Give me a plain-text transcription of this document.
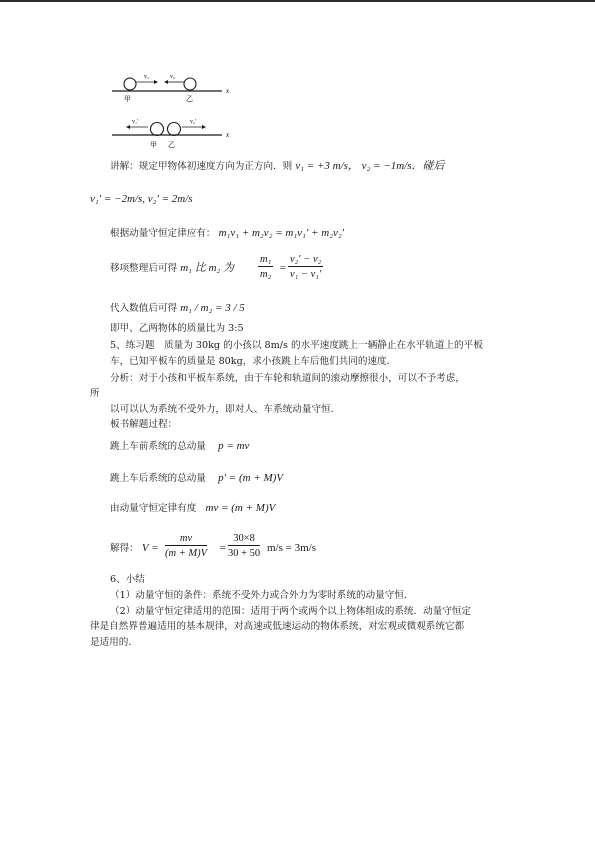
v₁	v₂
甲	乙
x
v₁′	v₂′
甲 乙
x
讲解：规定甲物体初速度方向为正方向．则 v₁ = +3 m/s， v₂ = −1m/s．碰后
v₁′ = −2m/s, v₂′ = 2m/s
根据动量守恒定律应有： m₁v₁ + m₂v₂ = m₁v₁′ + m₂v₂′
移项整理后可得 m₁ 比 m₂ 为
m₁
m₂
=
v₂′ − v₂
v₁ − v₁′
代入数值后可得 m₁ / m₂ = 3 / 5
即甲、乙两物体的质量比为 3:5
5、练习题　质量为 30kg 的小孩以 8m/s 的水平速度跳上一辆静止在水平轨道上的平板
车，已知平板车的质量是 80kg，求小孩跳上车后他们共同的速度．
分析：对于小孩和平板车系统，由于车轮和轨道间的滚动摩擦很小，可以不予考虑，
所
以可以认为系统不受外力，即对人、车系统动量守恒．
板书解题过程：
跳上车前系统的总动量 p = mv
跳上车后系统的总动量 p′ = (m + M)V
由动量守恒定律有度 mv = (m + M)V
解得： V =
mv
(m + M)V =
30×8
30 + 50 m/s = 3m/s
6、小结
（1）动量守恒的条件：系统不受外力或合外力为零时系统的动量守恒．
（2）动量守恒定律适用的范围：适用于两个或两个以上物体组成的系统．动量守恒定
律是自然界普遍适用的基本规律，对高速或低速运动的物体系统，对宏观或微观系统它都
是适用的．
